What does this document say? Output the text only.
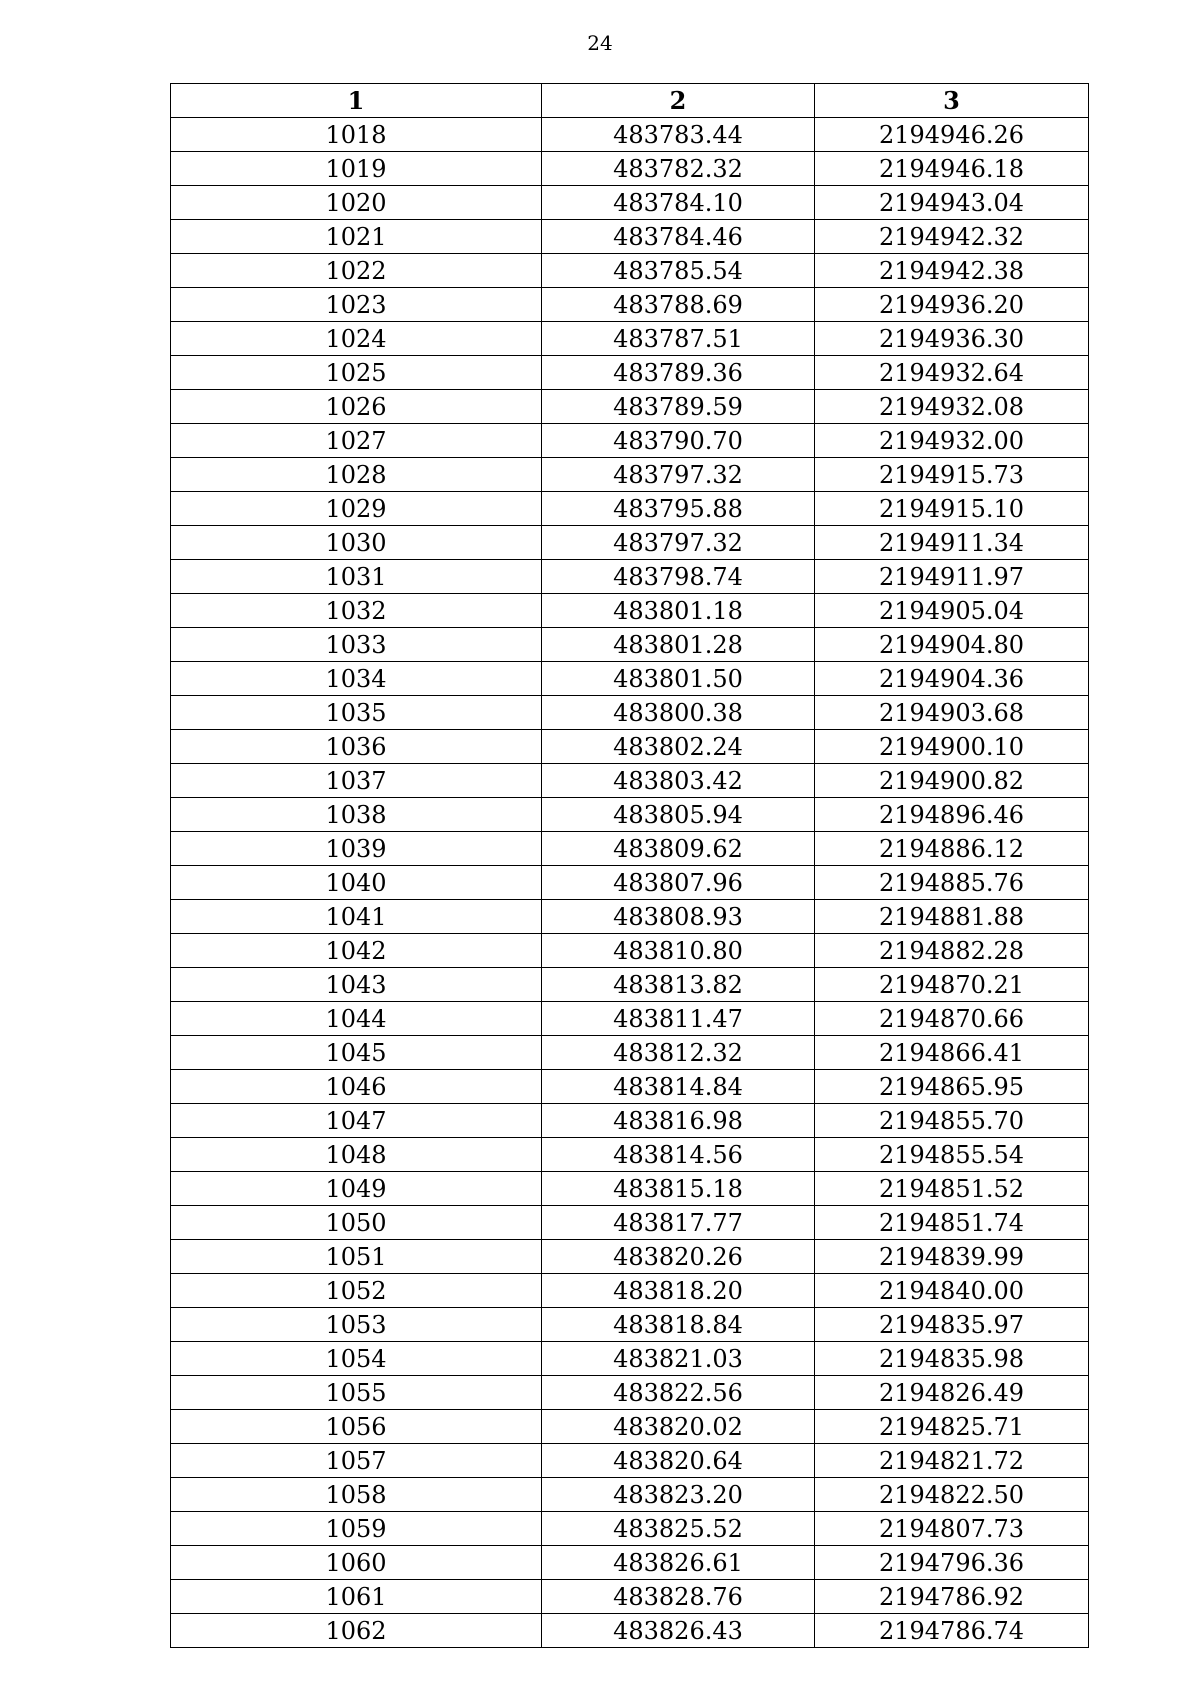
24
1	2	3
1018	483783.44	2194946.26
1019	483782.32	2194946.18
1020	483784.10	2194943.04
1021	483784.46	2194942.32
1022	483785.54	2194942.38
1023	483788.69	2194936.20
1024	483787.51	2194936.30
1025	483789.36	2194932.64
1026	483789.59	2194932.08
1027	483790.70	2194932.00
1028	483797.32	2194915.73
1029	483795.88	2194915.10
1030	483797.32	2194911.34
1031	483798.74	2194911.97
1032	483801.18	2194905.04
1033	483801.28	2194904.80
1034	483801.50	2194904.36
1035	483800.38	2194903.68
1036	483802.24	2194900.10
1037	483803.42	2194900.82
1038	483805.94	2194896.46
1039	483809.62	2194886.12
1040	483807.96	2194885.76
1041	483808.93	2194881.88
1042	483810.80	2194882.28
1043	483813.82	2194870.21
1044	483811.47	2194870.66
1045	483812.32	2194866.41
1046	483814.84	2194865.95
1047	483816.98	2194855.70
1048	483814.56	2194855.54
1049	483815.18	2194851.52
1050	483817.77	2194851.74
1051	483820.26	2194839.99
1052	483818.20	2194840.00
1053	483818.84	2194835.97
1054	483821.03	2194835.98
1055	483822.56	2194826.49
1056	483820.02	2194825.71
1057	483820.64	2194821.72
1058	483823.20	2194822.50
1059	483825.52	2194807.73
1060	483826.61	2194796.36
1061	483828.76	2194786.92
1062	483826.43	2194786.74
